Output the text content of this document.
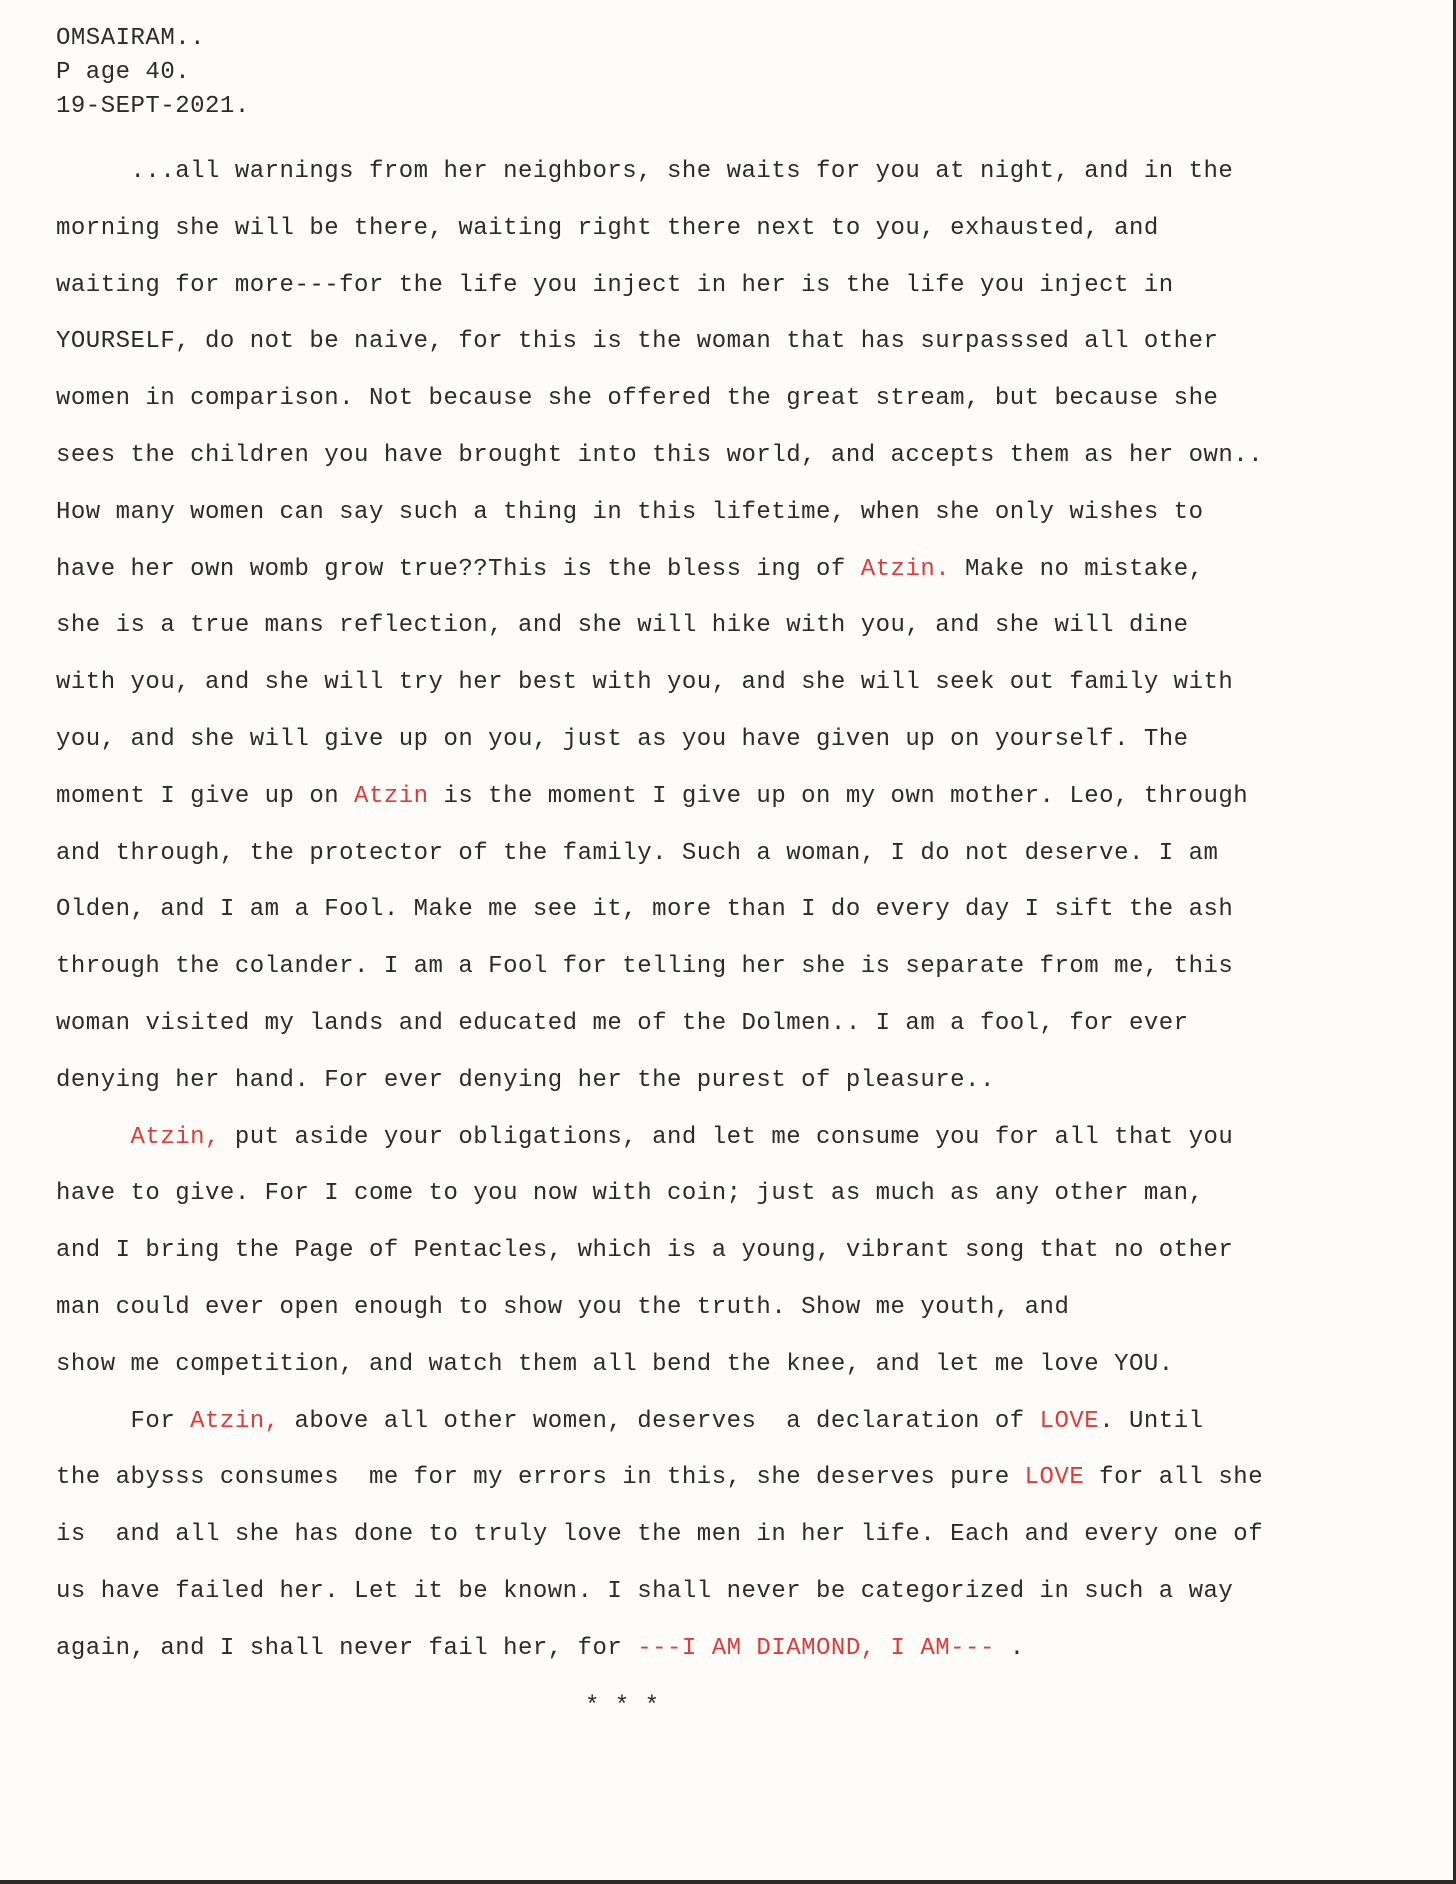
OMSAIRAM..
P age 40.
19-SEPT-2021.
...all warnings from her neighbors, she waits for you at night, and in the
morning she will be there, waiting right there next to you, exhausted, and
waiting for more---for the life you inject in her is the life you inject in
YOURSELF, do not be naive, for this is the woman that has surpasssed all other
women in comparison. Not because she offered the great stream, but because she
sees the children you have brought into this world, and accepts them as her own..
How many women can say such a thing in this lifetime, when she only wishes to
have her own womb grow true??This is the bless ing of Atzin. Make no mistake,
she is a true mans reflection, and she will hike with you, and she will dine
with you, and she will try her best with you, and she will seek out family with
you, and she will give up on you, just as you have given up on yourself. The
moment I give up on Atzin is the moment I give up on my own mother. Leo, through
and through, the protector of the family. Such a woman, I do not deserve. I am
Olden, and I am a Fool. Make me see it, more than I do every day I sift the ash
through the colander. I am a Fool for telling her she is separate from me, this
woman visited my lands and educated me of the Dolmen.. I am a fool, for ever
denying her hand. For ever denying her the purest of pleasure..
Atzin, put aside your obligations, and let me consume you for all that you
have to give. For I come to you now with coin; just as much as any other man,
and I bring the Page of Pentacles, which is a young, vibrant song that no other
man could ever open enough to show you the truth. Show me youth, and
show me competition, and watch them all bend the knee, and let me love YOU.
For Atzin, above all other women, deserves  a declaration of LOVE. Until
the abysss consumes  me for my errors in this, she deserves pure LOVE for all she
is  and all she has done to truly love the men in her life. Each and every one of
us have failed her. Let it be known. I shall never be categorized in such a way
again, and I shall never fail her, for ---I AM DIAMOND, I AM--- .
* * *
